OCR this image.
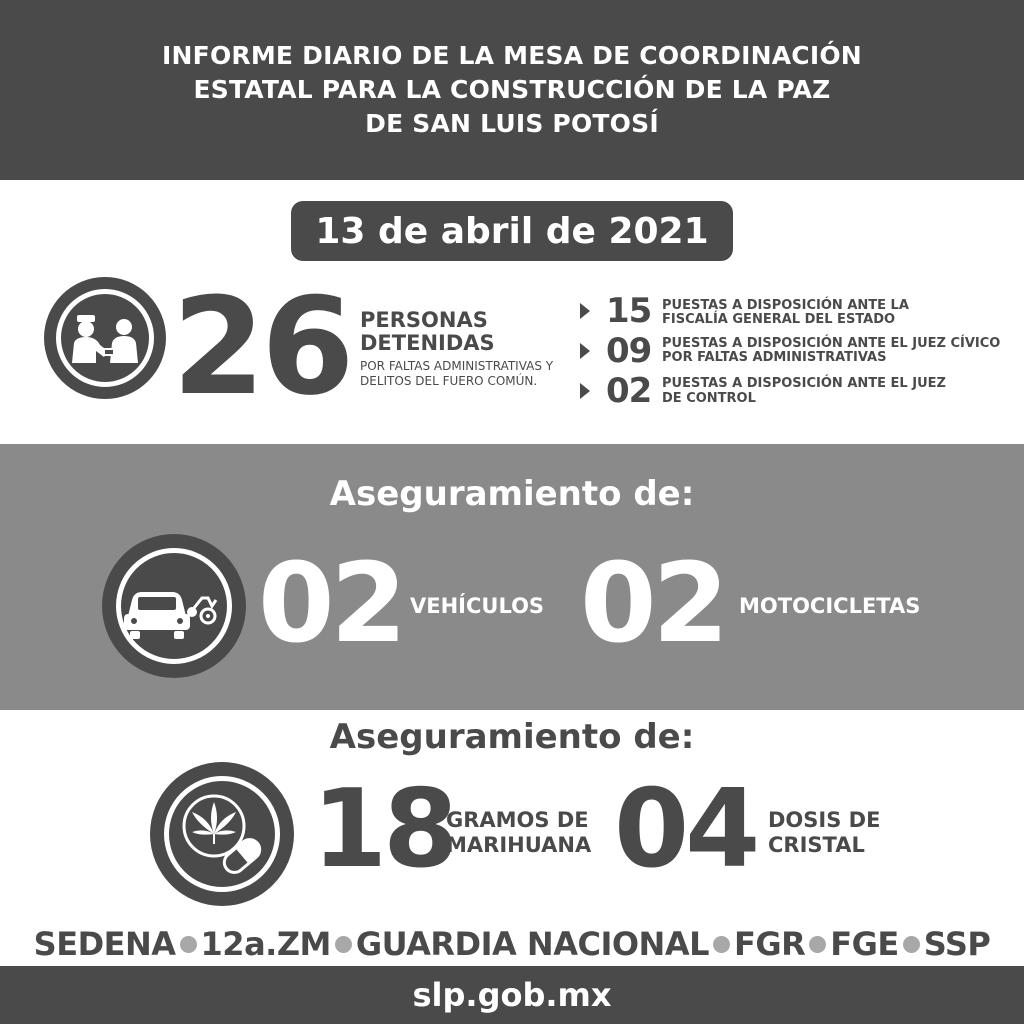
INFORME DIARIO DE LA MESA DE COORDINACIÓN
ESTATAL PARA LA CONSTRUCCIÓN DE LA PAZ
DE SAN LUIS POTOSÍ
13 de abril de 2021
26 PERSONAS
DETENIDAS
POR FALTAS ADMINISTRATIVAS Y
DELITOS DEL FUERO COMÚN.
15 PUESTAS A DISPOSICIÓN ANTE LA
FISCALÍA GENERAL DEL ESTADO
09 PUESTAS A DISPOSICIÓN ANTE EL JUEZ CÍVICO
POR FALTAS ADMINISTRATIVAS
02 PUESTAS A DISPOSICIÓN ANTE EL JUEZ
DE CONTROL
Aseguramiento de:
02 VEHÍCULOS 02 MOTOCICLETAS
Aseguramiento de:
18
GRAMOS DE
MARIHUANA 04 DOSIS DE
CRISTAL
SEDENA 12a.ZM GUARDIA NACIONAL FGR FGE SSP
slp.gob.mx
